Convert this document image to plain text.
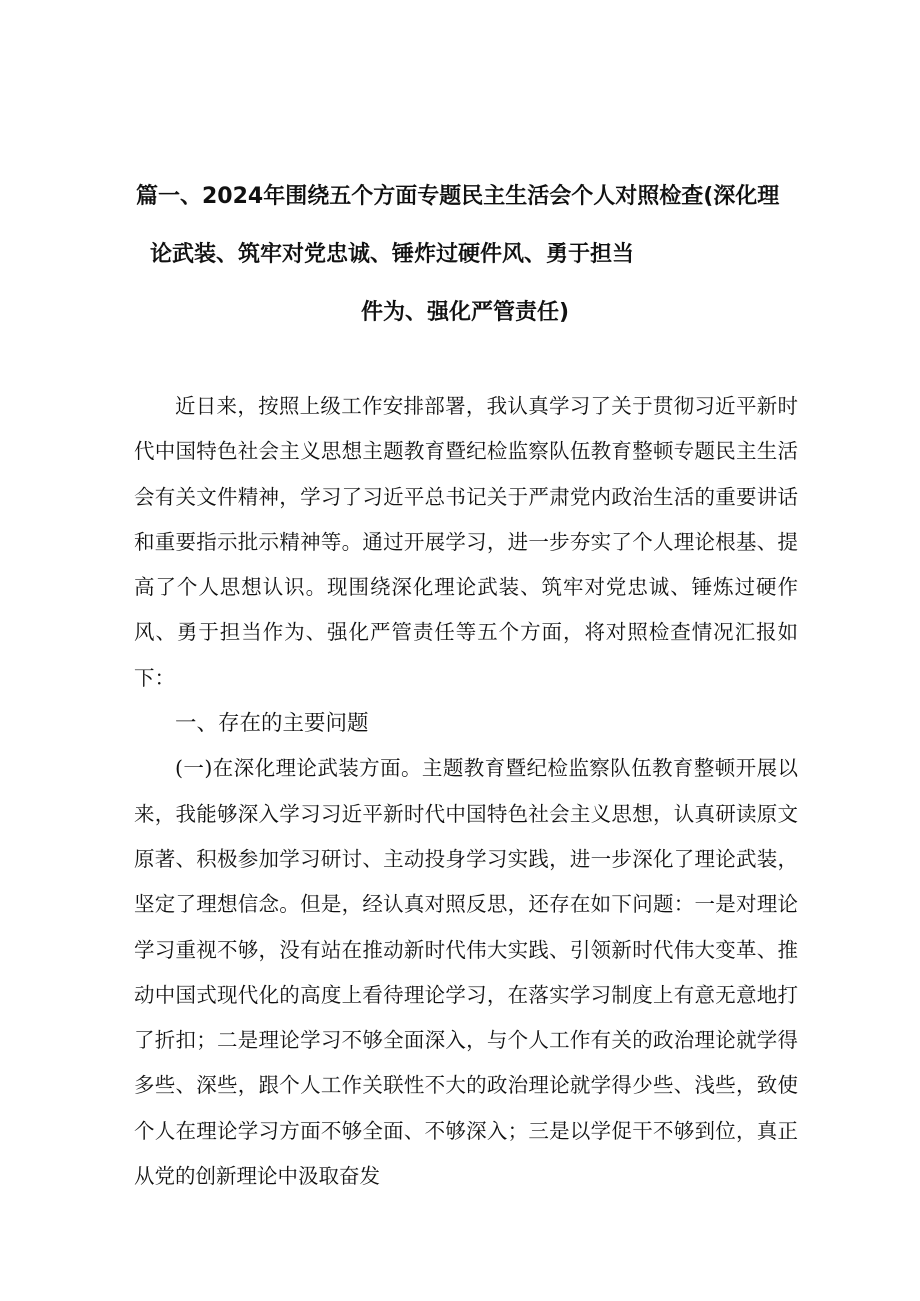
篇一、2024年围绕五个方面专题民主生活会个人对照检查(深化理
论武装、筑牢对党忠诚、锤炸过硬件风、勇于担当
件为、强化严管责任)

近日来，按照上级工作安排部署，我认真学习了关于贯彻习近平新时代中国特色社会主义思想主题教育暨纪检监察队伍教育整顿专题民主生活会有关文件精神，学习了习近平总书记关于严肃党内政治生活的重要讲话和重要指示批示精神等。通过开展学习，进一步夯实了个人理论根基、提高了个人思想认识。现围绕深化理论武装、筑牢对党忠诚、锤炼过硬作风、勇于担当作为、强化严管责任等五个方面，将对照检查情况汇报如下：

一、存在的主要问题

(一)在深化理论武装方面。主题教育暨纪检监察队伍教育整顿开展以来，我能够深入学习习近平新时代中国特色社会主义思想，认真研读原文原著、积极参加学习研讨、主动投身学习实践，进一步深化了理论武装，坚定了理想信念。但是，经认真对照反思，还存在如下问题：一是对理论学习重视不够，没有站在推动新时代伟大实践、引领新时代伟大变革、推动中国式现代化的高度上看待理论学习，在落实学习制度上有意无意地打了折扣；二是理论学习不够全面深入，与个人工作有关的政治理论就学得多些、深些，跟个人工作关联性不大的政治理论就学得少些、浅些，致使个人在理论学习方面不够全面、不够深入；三是以学促干不够到位，真正从党的创新理论中汲取奋发
